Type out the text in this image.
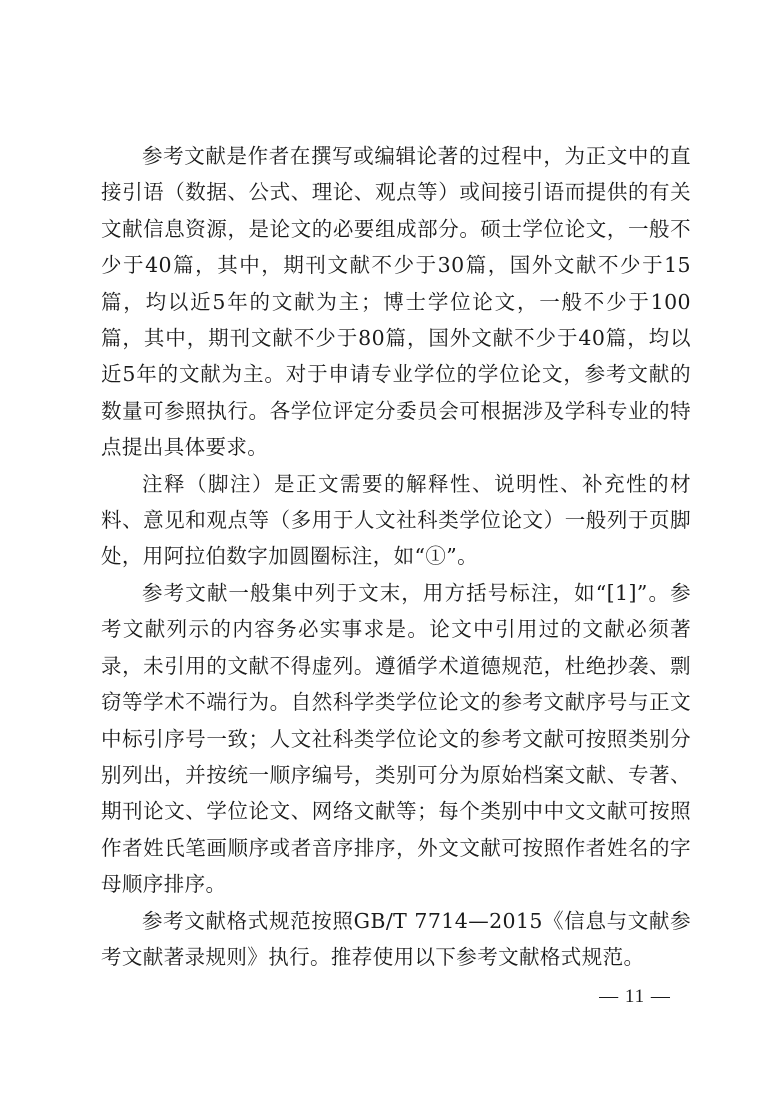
参考文献是作者在撰写或编辑论著的过程中，为正文中的直接引语（数据、公式、理论、观点等）或间接引语而提供的有关文献信息资源，是论文的必要组成部分。硕士学位论文，一般不少于40篇，其中，期刊文献不少于30篇，国外文献不少于15篇，均以近5年的文献为主；博士学位论文，一般不少于100篇，其中，期刊文献不少于80篇，国外文献不少于40篇，均以近5年的文献为主。对于申请专业学位的学位论文，参考文献的数量可参照执行。各学位评定分委员会可根据涉及学科专业的特点提出具体要求。

注释（脚注）是正文需要的解释性、说明性、补充性的材料、意见和观点等（多用于人文社科类学位论文）一般列于页脚处，用阿拉伯数字加圆圈标注，如“①”。

参考文献一般集中列于文末，用方括号标注，如“[1]”。参考文献列示的内容务必实事求是。论文中引用过的文献必须著录，未引用的文献不得虚列。遵循学术道德规范，杜绝抄袭、剽窃等学术不端行为。自然科学类学位论文的参考文献序号与正文中标引序号一致；人文社科类学位论文的参考文献可按照类别分别列出，并按统一顺序编号，类别可分为原始档案文献、专著、期刊论文、学位论文、网络文献等；每个类别中中文文献可按照作者姓氏笔画顺序或者音序排序，外文文献可按照作者姓名的字母顺序排序。

参考文献格式规范按照GB/T 7714—2015《信息与文献参考文献著录规则》执行。推荐使用以下参考文献格式规范。

— 11 —
